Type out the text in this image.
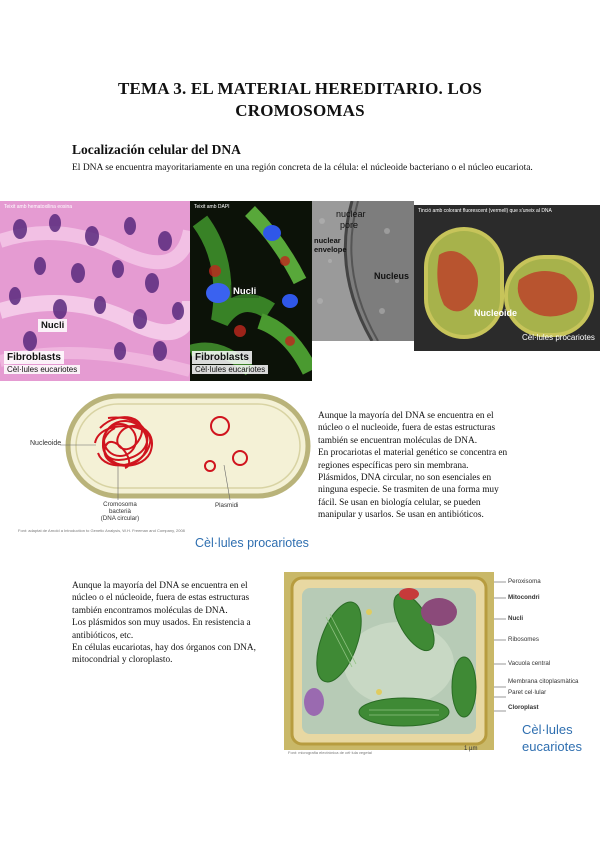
TEMA 3. EL MATERIAL HEREDITARIO. LOS
CROMOSOMAS
Localización celular del DNA
El DNA se encuentra mayoritariamente en una región concreta de la célula: el núcleoide bacteriano o el núcleo eucariota.
Teixit amb hematoxilina eosina
Nucli
Fibroblasts
Cèl·lules eucariotes
Teixit amb DAPI
Nucli
Fibroblasts
Cèl·lules eucariotes
nuclear
pore
nuclear
envelope
Nucleus
Tinció amb colorant fluorescent (vermell) que s'uneix al DNA
Nucleoide
Cèl·lules procariotes
Nucleoide
Cromosoma
bacterià
(DNA circular)
Plasmidi
Font: adaptat de Arnold a Introduction to Genetic Analysis, W.H. Freeman and Company, 2008
Cèl·lules procariotes
Aunque la mayoría del DNA se encuentra en el
núcleo o el nucleoide, fuera de estas estructuras
también se encuentran moléculas de DNA.
En procariotas el material genético se concentra en
regiones específicas pero sin membrana.
Plásmidos, DNA circular, no son esenciales en
ninguna especie. Se trasmiten de una forma muy
fácil. Se usan en biología celular, se pueden
manipular y usarlos. Se usan en antibióticos.
Aunque la mayoría del DNA se encuentra en el
núcleo o el núcleoide, fuera de estas estructuras
también encontramos moléculas de DNA.
Los plásmidos son muy usados. En resistencia a
antibióticos, etc.
En células eucariotas, hay dos órganos con DNA,
mitocondrial y cloroplasto.
Peroxisoma
Mitocondri
Nucli
Ribosomes
Vacuola central
Membrana citoplasmàtica
Paret cel·lular
Cloroplast
1 µm
Font: micrografia electrònica de cèl·lula vegetal
Cèl·lules
eucariotes
